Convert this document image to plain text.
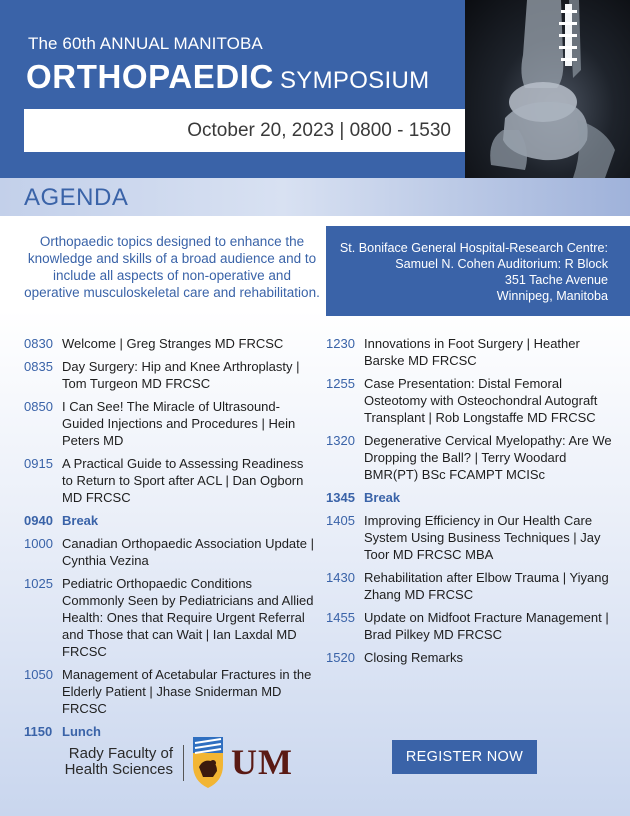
The 60th ANNUAL MANITOBA
ORTHOPAEDIC SYMPOSIUM
October 20, 2023 | 0800 - 1530
AGENDA
Orthopaedic topics designed to enhance the knowledge and skills of a broad audience and to include all aspects of non-operative and operative musculoskeletal care and rehabilitation.
St. Boniface General Hospital-Research Centre:
Samuel N. Cohen Auditorium: R Block
351 Tache Avenue
Winnipeg, Manitoba
0830 Welcome | Greg Stranges MD FRCSC
0835 Day Surgery: Hip and Knee Arthroplasty | Tom Turgeon MD FRCSC
0850 I Can See! The Miracle of Ultrasound-Guided Injections and Procedures | Hein Peters MD
0915 A Practical Guide to Assessing Readiness to Return to Sport after ACL | Dan Ogborn MD FRCSC
0940 Break
1000 Canadian Orthopaedic Association Update | Cynthia Vezina
1025 Pediatric Orthopaedic Conditions Commonly Seen by Pediatricians and Allied Health: Ones that Require Urgent Referral and Those that can Wait | Ian Laxdal MD FRCSC
1050 Management of Acetabular Fractures in the Elderly Patient | Jhase Sniderman MD FRCSC
1150 Lunch
1230 Innovations in Foot Surgery | Heather Barske MD FRCSC
1255 Case Presentation: Distal Femoral Osteotomy with Osteochondral Autograft Transplant | Rob Longstaffe MD FRCSC
1320 Degenerative Cervical Myelopathy: Are We Dropping the Ball? | Terry Woodard BMR(PT) BSc FCAMPT MCISc
1345 Break
1405 Improving Efficiency in Our Health Care System Using Business Techniques | Jay Toor MD FRCSC MBA
1430 Rehabilitation after Elbow Trauma | Yiyang Zhang MD FRCSC
1455 Update on Midfoot Fracture Management | Brad Pilkey MD FRCSC
1520 Closing Remarks
Rady Faculty of
Health Sciences UM	REGISTER NOW
